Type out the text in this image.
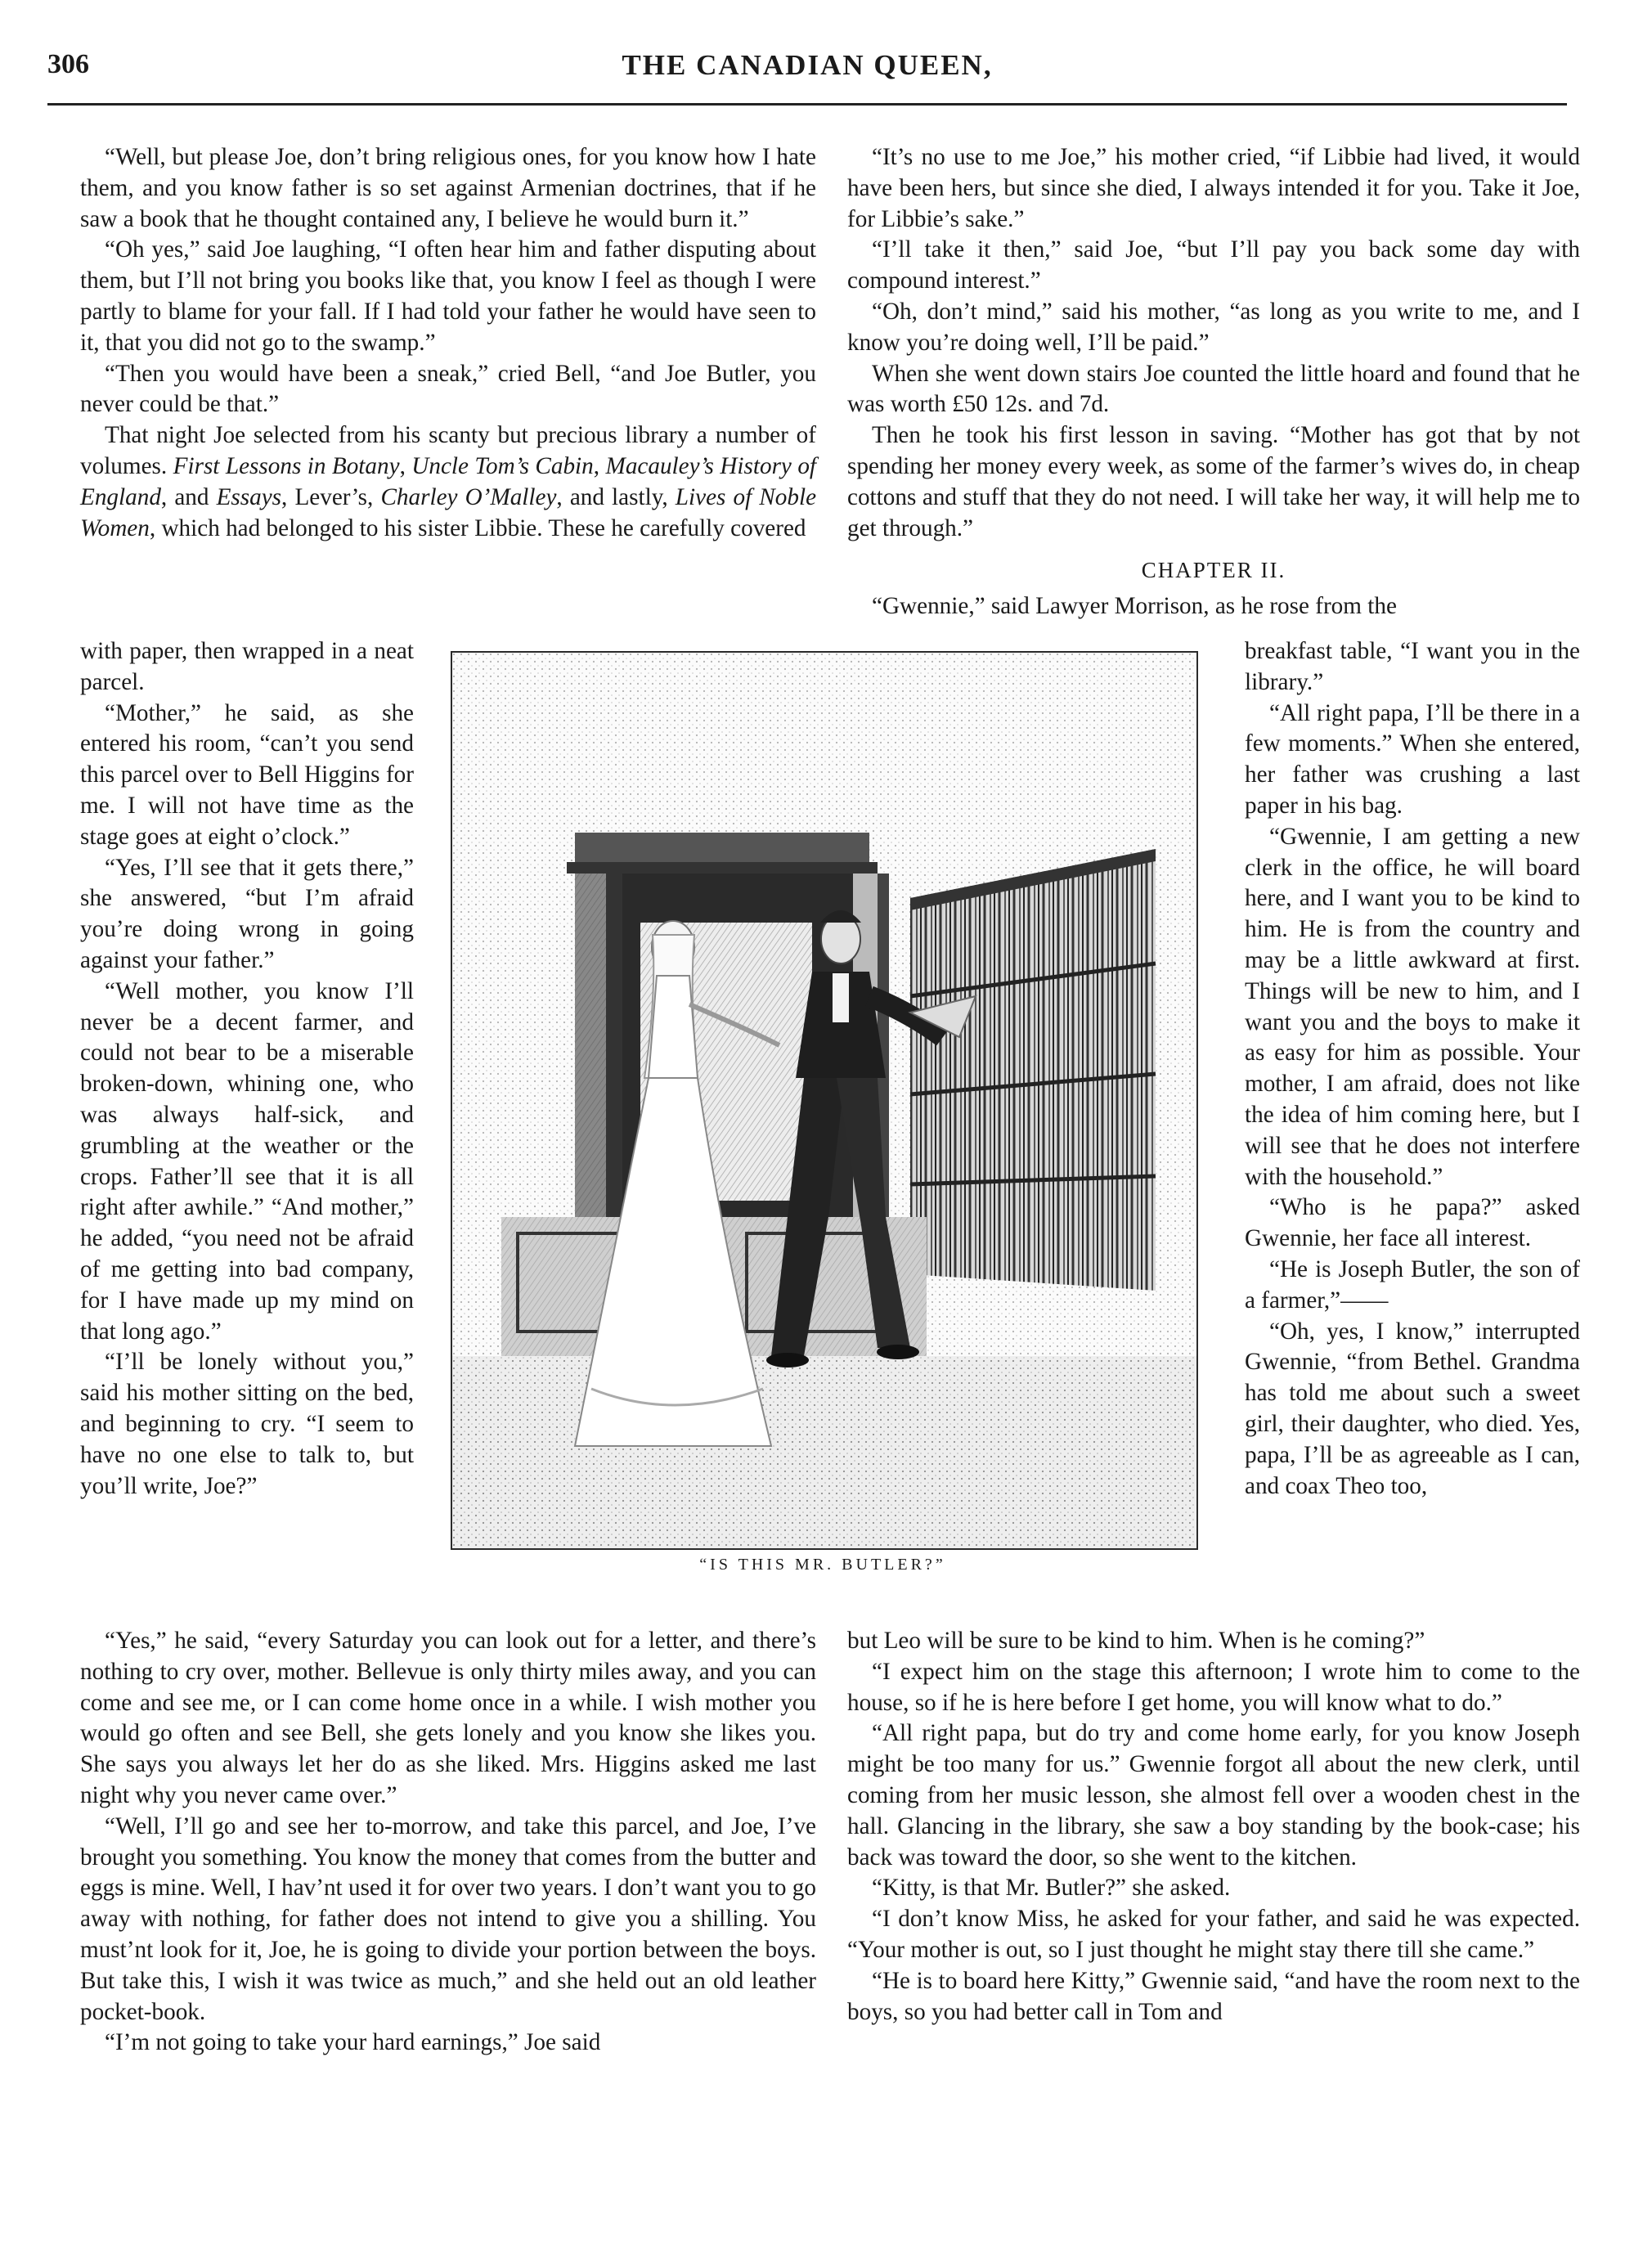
306	THE CANADIAN QUEEN,

“Well, but please Joe, don’t bring religious ones, for you know how I hate them, and you know father is so set against Armenian doctrines, that if he saw a book that he thought contained any, I believe he would burn it.”

“Oh yes,” said Joe laughing, “I often hear him and father disputing about them, but I’ll not bring you books like that, you know I feel as though I were partly to blame for your fall. If I had told your father he would have seen to it, that you did not go to the swamp.”

“Then you would have been a sneak,” cried Bell, “and Joe Butler, you never could be that.”

That night Joe selected from his scanty but precious library a number of volumes. First Lessons in Botany, Uncle Tom’s Cabin, Macauley’s History of England, and Essays, Lever’s, Charley O’Malley, and lastly, Lives of Noble Women, which had belonged to his sister Libbie. These he carefully covered

with paper, then wrapped in a neat parcel.

“Mother,” he said, as she entered his room, “can’t you send this parcel over to Bell Higgins for me. I will not have time as the stage goes at eight o’clock.”

“Yes, I’ll see that it gets there,” she answered, “but I’m afraid you’re doing wrong in going against your father.”

“Well mother, you know I’ll never be a decent farmer, and could not bear to be a miserable broken-down, whining one, who was always half-sick, and grumbling at the weather or the crops. Father’ll see that it is all right after awhile.” “And mother,” he added, “you need not be afraid of me getting into bad company, for I have made up my mind on that long ago.”

“I’ll be lonely without you,” said his mother sitting on the bed, and beginning to cry. “I seem to have no one else to talk to, but you’ll write, Joe?”

“Yes,” he said, “every Saturday you can look out for a letter, and there’s nothing to cry over, mother. Bellevue is only thirty miles away, and you can come and see me, or I can come home once in a while. I wish mother you would go often and see Bell, she gets lonely and you know she likes you. She says you always let her do as she liked. Mrs. Higgins asked me last night why you never came over.”

“Well, I’ll go and see her to-morrow, and take this parcel, and Joe, I’ve brought you something. You know the money that comes from the butter and eggs is mine. Well, I hav’nt used it for over two years. I don’t want you to go away with nothing, for father does not intend to give you a shilling. You must’nt look for it, Joe, he is going to divide your portion between the boys. But take this, I wish it was twice as much,” and she held out an old leather pocket-book.

“I’m not going to take your hard earnings,” Joe said

“It’s no use to me Joe,” his mother cried, “if Libbie had lived, it would have been hers, but since she died, I always intended it for you. Take it Joe, for Libbie’s sake.”

“I’ll take it then,” said Joe, “but I’ll pay you back some day with compound interest.”

“Oh, don’t mind,” said his mother, “as long as you write to me, and I know you’re doing well, I’ll be paid.”

When she went down stairs Joe counted the little hoard and found that he was worth £50 12s. and 7d.

Then he took his first lesson in saving. “Mother has got that by not spending her money every week, as some of the farmer’s wives do, in cheap cottons and stuff that they do not need. I will take her way, it will help me to get through.”

CHAPTER II.

“Gwennie,” said Lawyer Morrison, as he rose from the

breakfast table, “I want you in the library.”

“All right papa, I’ll be there in a few moments.” When she entered, her father was crushing a last paper in his bag.

“Gwennie, I am getting a new clerk in the office, he will board here, and I want you to be kind to him. He is from the country and may be a little awkward at first. Things will be new to him, and I want you and the boys to make it as easy for him as possible. Your mother, I am afraid, does not like the idea of him coming here, but I will see that he does not interfere with the household.”

“Who is he papa?” asked Gwennie, her face all interest.

“He is Joseph Butler, the son of a farmer,”——

“Oh, yes, I know,” interrupted Gwennie, “from Bethel. Grandma has told me about such a sweet girl, their daughter, who died. Yes, papa, I’ll be as agreeable as I can, and coax Theo too,

but Leo will be sure to be kind to him. When is he coming?”

“I expect him on the stage this afternoon; I wrote him to come to the house, so if he is here before I get home, you will know what to do.”

“All right papa, but do try and come home early, for you know Joseph might be too many for us.” Gwennie forgot all about the new clerk, until coming from her music lesson, she almost fell over a wooden chest in the hall. Glancing in the library, she saw a boy standing by the book-case; his back was toward the door, so she went to the kitchen.

“Kitty, is that Mr. Butler?” she asked.

“I don’t know Miss, he asked for your father, and said he was expected. “Your mother is out, so I just thought he might stay there till she came.”

“He is to board here Kitty,” Gwennie said, “and have the room next to the boys, so you had better call in Tom and

“IS THIS MR. BUTLER?”
